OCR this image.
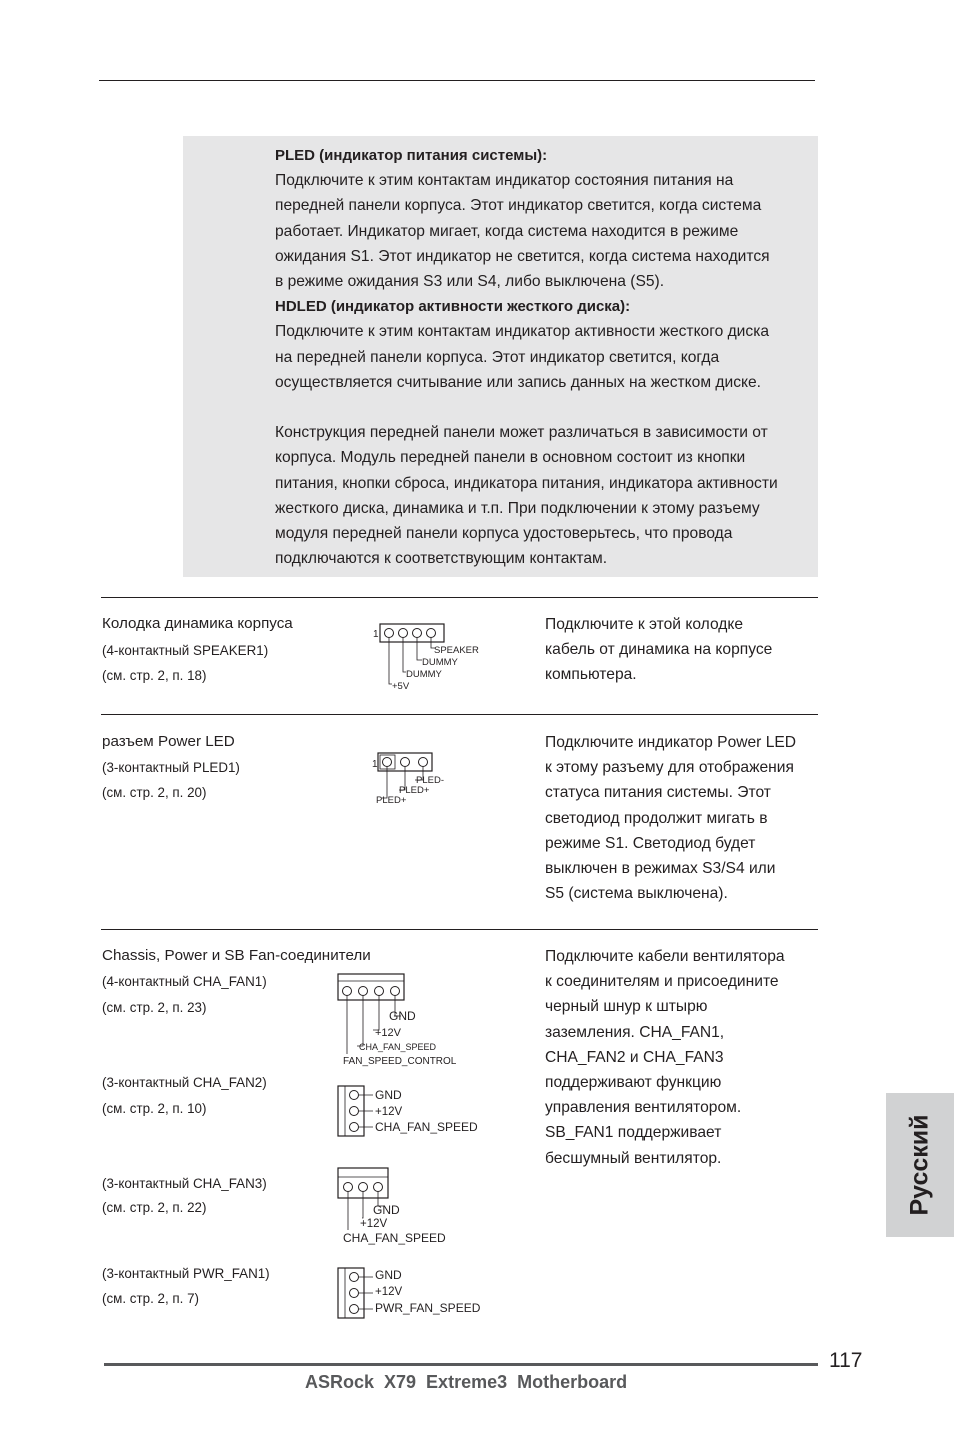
PLED (индикатор питания системы):

Подключите к этим контактам индикатор состояния питания на

передней панели корпуса. Этот индикатор светится, когда система

работает. Индикатор мигает, когда система находится в режиме

ожидания S1. Этот индикатор не светится, когда система находится

в режиме ожидания S3 или S4, либо выключена (S5).

HDLED (индикатор активности жесткого диска):

Подключите к этим контактам индикатор активности жесткого диска

на передней панели корпуса. Этот индикатор светится, когда

осуществляется считывание или запись данных на жестком диске.

Конструкция передней панели может различаться в зависимости от

корпуса. Модуль передней панели в основном состоит из кнопки

питания, кнопки сброса, индикатора питания, индикатора активности

жесткого диска, динамика и т.п. При подключении к этому разъему

модуля передней панели корпуса удостоверьтесь, что провода

подключаются к соответствующим контактам.

Колодка динамика корпуса
(4-контактный SPEAKER1)
(см. стр. 2, п. 18)
1
SPEAKER
DUMMY
DUMMY
+5V

Подключите к этой колодке

кабель от динамика на корпусе

компьютера.

разъем Power LED
(3-контактный PLED1)
(см. стр. 2, п. 20)
1
PLED-
PLED+
PLED+

Подключите индикатор Power LED

к этому разъему для отображения

статуса питания системы. Этот

светодиод продолжит мигать в

режиме S1. Светодиод будет

выключен в режимах S3/S4 или

S5 (система выключена).

Chassis, Power и SB Fan-соединители
(4-контактный CHA_FAN1)
(см. стр. 2, п. 23)
GND
+12V
CHA_FAN_SPEED
FAN_SPEED_CONTROL
(3-контактный CHA_FAN2)
(см. стр. 2, п. 10)
GND
+12V
CHA_FAN_SPEED
(3-контактный CHA_FAN3)
(см. стр. 2, п. 22)	GND
+12V
CHA_FAN_SPEED
(3-контактный PWR_FAN1)
(см. стр. 2, п. 7)
GND
+12V
PWR_FAN_SPEED

Подключите кабели вентилятора

к соединителям и присоедините

черный шнур к штырю

заземления. CHA_FAN1,

CHA_FAN2 и CHA_FAN3

поддерживают функцию

управления вентилятором.

SB_FAN1 поддерживает

бесшумный вентилятор.	Русский
117
ASRock  X79  Extreme3  Motherboard
